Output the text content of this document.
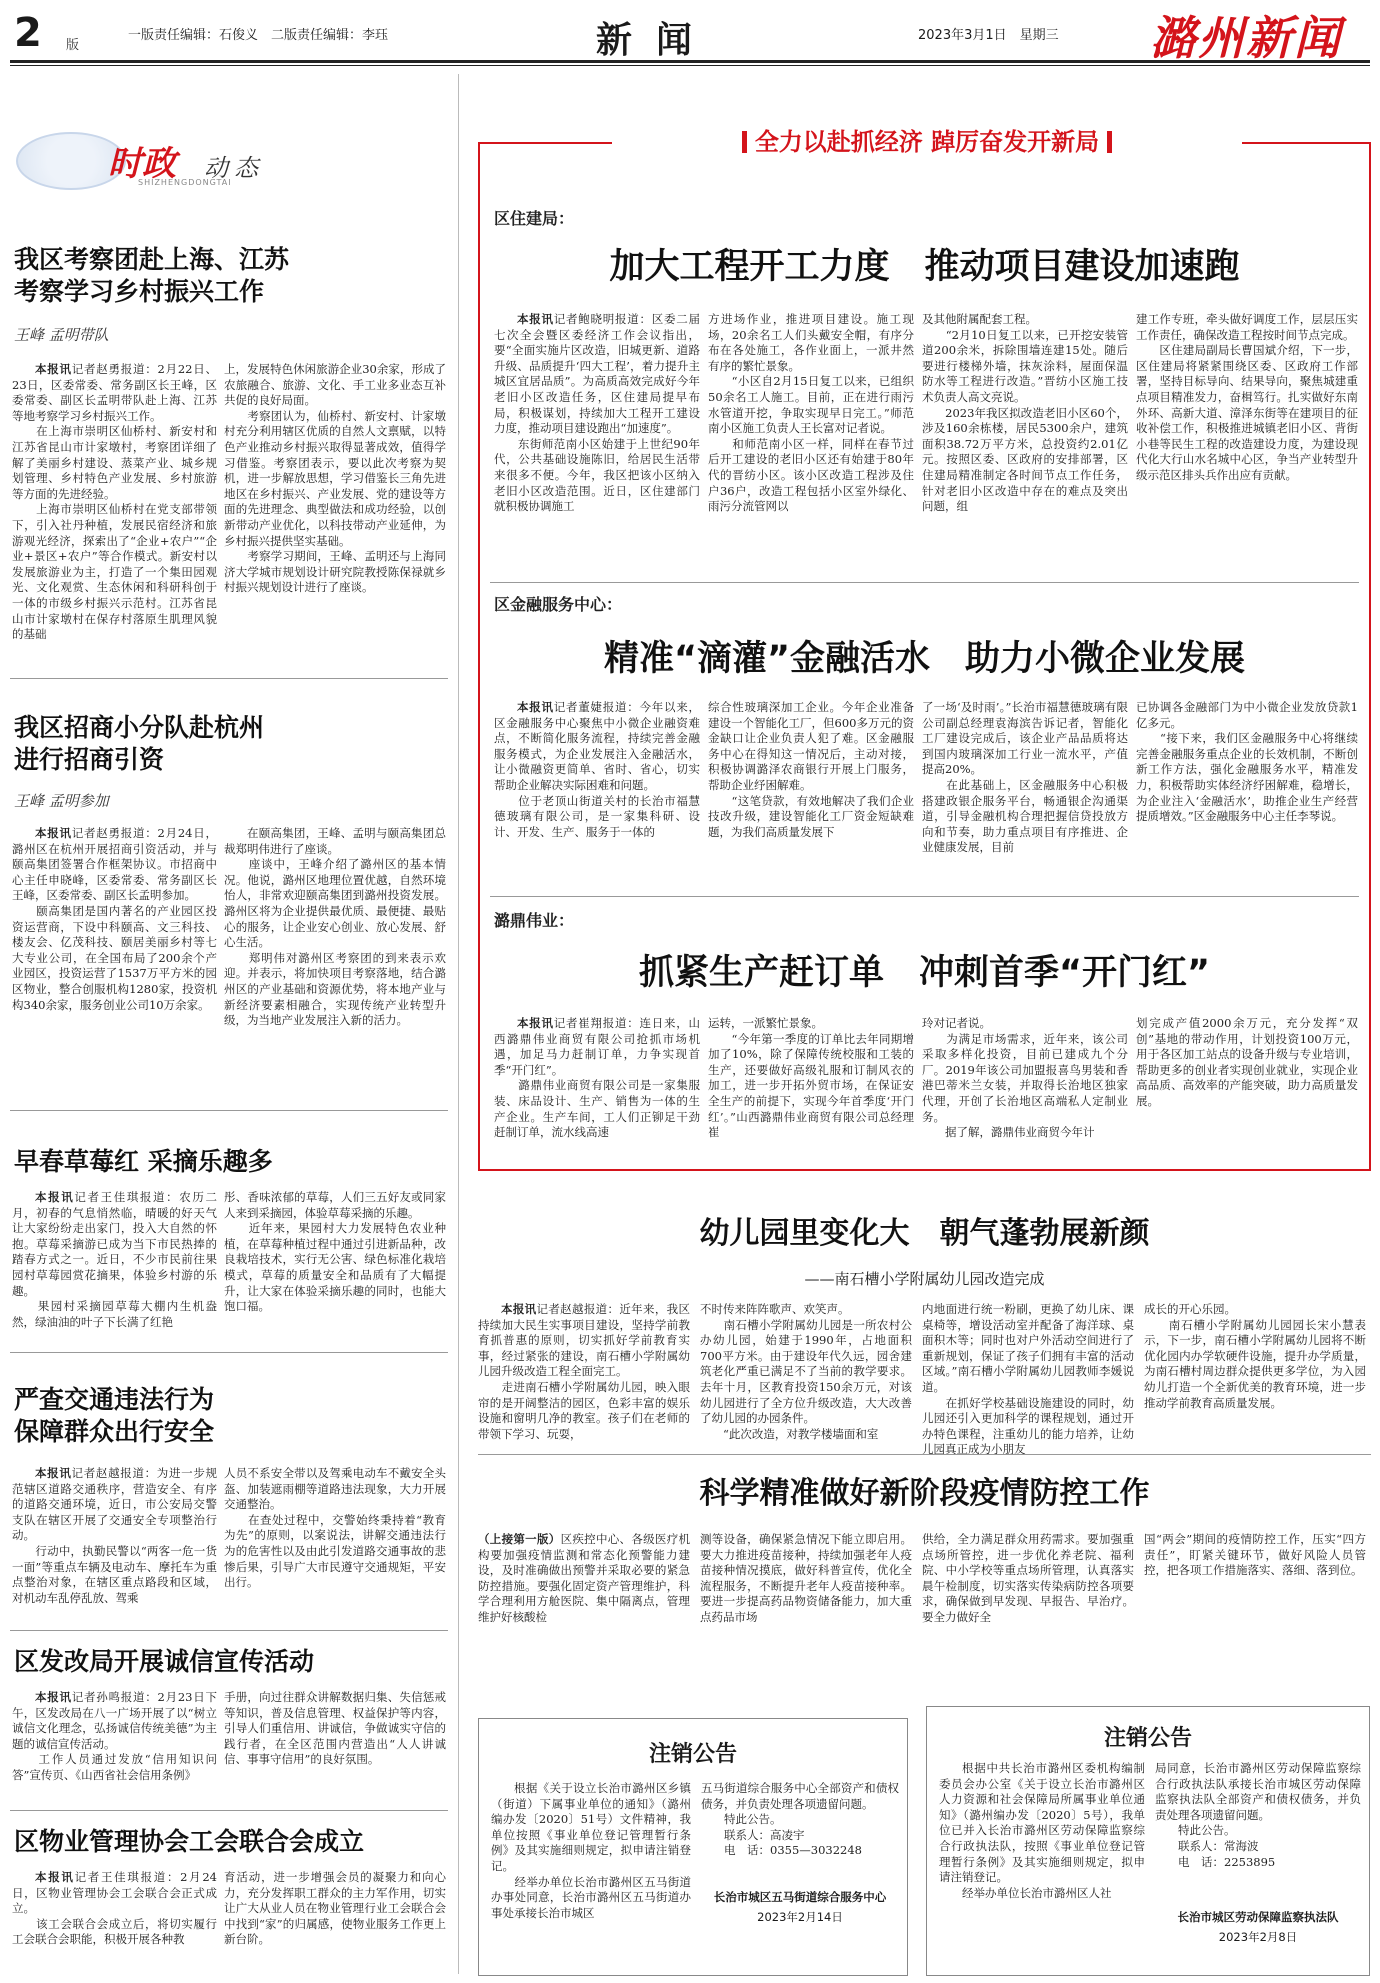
2 版
一版责任编辑：石俊义　二版责任编辑：李珏	新闻	2023年3月1日　星期三 潞州新闻
时政 动态
SHIZHENGDONGTAI
我区考察团赴上海、江苏
考察学习乡村振兴工作
王峰 孟明带队
本报讯记者赵勇报道：2月22日、23日，区委常委、常务副区长王峰，区委常委、副区长孟明带队赴上海、江苏等地考察学习乡村振兴工作。
　　在上海市崇明区仙桥村、新安村和江苏省昆山市计家墩村，考察团详细了解了美丽乡村建设、蒸菜产业、城乡规划管理、乡村特色产业发展、乡村旅游等方面的先进经验。
　　上海市崇明区仙桥村在党支部带领下，引入社丹种植，发展民宿经济和旅游观光经济，探索出了“企业+农户”“企业+景区+农户”等合作模式。新安村以发展旅游业为主，打造了一个集田园观光、文化观赏、生态休闲和科研科创于一体的市级乡村振兴示范村。江苏省昆山市计家墩村在保存村落原生肌理风貌的基础
上，发展特色休闲旅游企业30余家，形成了农旅融合、旅游、文化、手工业多业态互补共促的良好局面。
　　考察团认为，仙桥村、新安村、计家墩村充分利用辖区优质的自然人文禀赋，以特色产业推动乡村振兴取得显著成效，值得学习借鉴。考察团表示，要以此次考察为契机，进一步解放思想，学习借鉴长三角先进地区在乡村振兴、产业发展、党的建设等方面的先进理念、典型做法和成功经验，以创新带动产业优化，以科技带动产业延伸，为乡村振兴提供坚实基础。
　　考察学习期间，王峰、孟明还与上海同济大学城市规划设计研究院教授陈保禄就乡村振兴规划设计进行了座谈。
我区招商小分队赴杭州
进行招商引资
王峰 孟明参加
本报讯记者赵勇报道：2月24日，潞州区在杭州开展招商引资活动，并与颐高集团签署合作框架协议。市招商中心主任申晓峰，区委常委、常务副区长王峰，区委常委、副区长孟明参加。
　　颐高集团是国内著名的产业园区投资运营商，下设中科颐高、文三科技、楼友会、亿茂科技、颐居美丽乡村等七大专业公司，在全国布局了200余个产业园区，投资运营了1537万平方米的园区物业，整合创服机构1280家，投资机构340余家，服务创业公司10万余家。
在颐高集团，王峰、孟明与颐高集团总裁郑明伟进行了座谈。
　　座谈中，王峰介绍了潞州区的基本情况。他说，潞州区地理位置优越，自然环境怡人，非常欢迎颐高集团到潞州投资发展。潞州区将为企业提供最优质、最便捷、最贴心的服务，让企业安心创业、放心发展、舒心生活。
　　郑明伟对潞州区考察团的到来表示欢迎。并表示，将加快项目考察落地，结合潞州区的产业基础和资源优势，将本地产业与新经济要素相融合，实现传统产业转型升级，为当地产业发展注入新的活力。
早春草莓红 采摘乐趣多
本报讯记者王佳琪报道：农历二月，初春的气息悄然临，晴暖的好天气让大家纷纷走出家门，投入大自然的怀抱。草莓采摘游已成为当下市民热捧的踏春方式之一。近日，不少市民前往果园村草莓园赏花摘果，体验乡村游的乐趣。
　　果园村采摘园草莓大棚内生机盎然，绿油油的叶子下长满了红艳
彤、香味浓郁的草莓，人们三五好友或同家人来到采摘园，体验草莓采摘的乐趣。
　　近年来，果园村大力发展特色农业种植，在草莓种植过程中通过引进新品种，改良栽培技术，实行无公害、绿色标准化栽培模式，草莓的质量安全和品质有了大幅提升，让大家在体验采摘乐趣的同时，也能大饱口福。
严查交通违法行为
保障群众出行安全
本报讯记者赵越报道：为进一步规范辖区道路交通秩序，营造安全、有序的道路交通环境，近日，市公安局交警支队在辖区开展了交通安全专项整治行动。
　　行动中，执勤民警以“两客一危一货一面”等重点车辆及电动车、摩托车为重点整治对象，在辖区重点路段和区域，对机动车乱停乱放、驾乘
人员不系安全带以及驾乘电动车不戴安全头盔、加装遮雨棚等道路违法现象，大力开展交通整治。
　　在查处过程中，交警始终秉持着“教育为先”的原则，以案说法，讲解交通违法行为的危害性以及由此引发道路交通事故的悲惨后果，引导广大市民遵守交通规矩，平安出行。
区发改局开展诚信宣传活动
本报讯记者孙鸣报道：2月23日下午，区发改局在八一广场开展了以“树立诚信文化理念，弘扬诚信传统美德”为主题的诚信宣传活动。
　　工作人员通过发放“信用知识问答”宣传页、《山西省社会信用条例》
手册，向过往群众讲解数据归集、失信惩戒等知识，普及信息管理、权益保护等内容，引导人们重信用、讲诚信，争做诚实守信的践行者，在全区范围内营造出“人人讲诚信、事事守信用”的良好氛围。
区物业管理协会工会联合会成立
本报讯记者王佳琪报道：2月24日，区物业管理协会工会联合会正式成立。
　　该工会联合会成立后，将切实履行工会联合会职能，积极开展各种教
育活动，进一步增强会员的凝聚力和向心力，充分发挥职工群众的主力军作用，切实让广大从业人员在物业管理行业工会联合会中找到“家”的归属感，使物业服务工作更上新台阶。
全力以赴抓经济 踔厉奋发开新局
区住建局：
加大工程开工力度　推动项目建设加速跑
本报讯记者鲍晓明报道：区委二届七次全会暨区委经济工作会议指出，要“全面实施片区改造，旧城更新、道路升级、品质提升‘四大工程’，着力提升主城区宜居品质”。为高质高效完成好今年老旧小区改造任务，区住建局提早布局，积极谋划，持续加大工程开工建设力度，推动项目建设跑出“加速度”。
　　东街师范南小区始建于上世纪90年代，公共基础设施陈旧，给居民生活带来很多不便。今年，我区把该小区纳入老旧小区改造范围。近日，区住建部门就积极协调施工
方进场作业，推进项目建设。施工现场，20余名工人们头戴安全帽，有序分布在各处施工，各作业面上，一派井然有序的繁忙景象。
　　“小区自2月15日复工以来，已组织50余名工人施工。目前，正在进行雨污水管道开挖，争取实现早日完工。”师范南小区施工负责人王长富对记者说。
　　和师范南小区一样，同样在春节过后开工建设的老旧小区还有始建于80年代的晋纺小区。该小区改造工程涉及住户36户，改造工程包括小区室外绿化、雨污分流管网以
及其他附属配套工程。
　　“2月10日复工以来，已开挖安装管道200余米，拆除围墙连建15处。随后要进行楼梯外墙，抹灰涂料，屋面保温防水等工程进行改造。”晋纺小区施工技术负责人高文亮说。
　　2023年我区拟改造老旧小区60个，涉及160余栋楼，居民5300余户，建筑面积38.72万平方米，总投资约2.01亿元。按照区委、区政府的安排部署，区住建局精准制定各时间节点工作任务，针对老旧小区改造中存在的难点及突出问题，组
建工作专班，牵头做好调度工作，层层压实工作责任，确保改造工程按时间节点完成。
　　区住建局副局长曹国斌介绍，下一步，区住建局将紧紧围绕区委、区政府工作部署，坚持目标导向、结果导向，聚焦城建重点项目精准发力，奋楫笃行。扎实做好东南外环、高新大道、漳泽东街等在建项目的征收补偿工作，积极推进城镇老旧小区、背街小巷等民生工程的改造建设力度，为建设现代化大行山水名城中心区，争当产业转型升级示范区排头兵作出应有贡献。
区金融服务中心：
精准“滴灌”金融活水　助力小微企业发展
本报讯记者董婕报道：今年以来，区金融服务中心聚焦中小微企业融资难点，不断简化服务流程，持续完善金融服务模式，为企业发展注入金融活水，让小微融资更简单、省时、省心，切实帮助企业解决实际困难和问题。
　　位于老顶山街道关村的长治市福慧德玻璃有限公司，是一家集科研、设计、开发、生产、服务于一体的
综合性玻璃深加工企业。今年企业准备建设一个智能化工厂，但600多万元的资金缺口让企业负责人犯了难。区金融服务中心在得知这一情况后，主动对接，积极协调潞泽农商银行开展上门服务，帮助企业纾困解难。
　　“这笔贷款，有效地解决了我们企业技改升级，建设智能化工厂资金短缺难题，为我们高质量发展下
了一场‘及时雨’。”长治市福慧德玻璃有限公司副总经理袁海滨告诉记者，智能化工厂建设完成后，该企业产品品质将达到国内玻璃深加工行业一流水平，产值提高20%。
　　在此基础上，区金融服务中心积极搭建政银企服务平台，畅通银企沟通渠道，引导金融机构合理把握信贷投放方向和节奏，助力重点项目有序推进、企业健康发展，目前
已协调各金融部门为中小微企业发放贷款1亿多元。
　　“接下来，我们区金融服务中心将继续完善金融服务重点企业的长效机制，不断创新工作方法，强化金融服务水平，精准发力，积极帮助实体经济纾困解难，稳增长，为企业注入‘金融活水’，助推企业生产经营提质增效。”区金融服务中心主任李琴说。
潞鼎伟业：
抓紧生产赶订单　冲刺首季“开门红”
本报讯记者崔翔报道：连日来，山西潞鼎伟业商贸有限公司抢抓市场机遇，加足马力赶制订单，力争实现首季“开门红”。
　　潞鼎伟业商贸有限公司是一家集服装、床品设计、生产、销售为一体的生产企业。生产车间，工人们正铆足干劲赶制订单，流水线高速
运转，一派繁忙景象。
　　“今年第一季度的订单比去年同期增加了10%，除了保障传统校服和工装的生产，还要做好高级礼服和订制风衣的加工，进一步开拓外贸市场，在保证安全生产的前提下，实现今年首季度‘开门红’。”山西潞鼎伟业商贸有限公司总经理崔
玲对记者说。
　　为满足市场需求，近年来，该公司采取多样化投资，目前已建成九个分厂。2019年该公司加盟报喜鸟男装和香港巴蒂米兰女装，并取得长治地区独家代理，开创了长治地区高端私人定制业务。
　　据了解，潞鼎伟业商贸今年计
划完成产值2000余万元，充分发挥“双创”基地的带动作用，计划投资100万元，用于各区加工站点的设备升级与专业培训，帮助更多的创业者实现创业就业，实现企业高品质、高效率的产能突破，助力高质量发展。
幼儿园里变化大　朝气蓬勃展新颜
——南石槽小学附属幼儿园改造完成
本报讯记者赵越报道：近年来，我区持续加大民生实事项目建设，坚持学前教育抓普惠的原则，切实抓好学前教育实事，经过紧张的建设，南石槽小学附属幼儿园升级改造工程全面完工。
　　走进南石槽小学附属幼儿园，映入眼帘的是开阔整洁的园区，色彩丰富的娱乐设施和窗明几净的教室。孩子们在老师的带领下学习、玩耍，
不时传来阵阵歌声、欢笑声。
　　南石槽小学附属幼儿园是一所农村公办幼儿园，始建于1990年，占地面积700平方米。由于建设年代久远，园舍建筑老化严重已满足不了当前的教学要求。去年十月，区教育投资150余万元，对该幼儿园进行了全方位升级改造，大大改善了幼儿园的办园条件。
　　“此次改造，对教学楼墙面和室
内地面进行统一粉刷，更换了幼儿床、课桌椅等，增设活动室并配备了海洋球、桌面积木等；同时也对户外活动空间进行了重新规划，保证了孩子们拥有丰富的活动区域。”南石槽小学附属幼儿园教师李媛说道。
　　在抓好学校基础设施建设的同时，幼儿园还引入更加科学的课程规划，通过开办特色课程，注重幼儿的能力培养，让幼儿园真正成为小朋友
成长的开心乐园。
　　南石槽小学附属幼儿园园长宋小慧表示，下一步，南石槽小学附属幼儿园将不断优化园内办学软硬件设施，提升办学质量，为南石槽村周边群众提供更多学位，为入园幼儿打造一个全新优美的教育环境，进一步推动学前教育高质量发展。
科学精准做好新阶段疫情防控工作
（上接第一版）区疾控中心、各级医疗机构要加强疫情监测和常态化预警能力建设，及时准确做出预警并采取必要的紧急防控措施。要强化固定资产管理维护，科学合理利用方舱医院、集中隔离点，管理维护好核酸检
测等设备，确保紧急情况下能立即启用。要大力推进疫苗接种，持续加强老年人疫苗接种情况摸底，做好科普宣传，优化全流程服务，不断提升老年人疫苗接种率。要进一步提高药品物资储备能力，加大重点药品市场
供给，全力满足群众用药需求。要加强重点场所管控，进一步优化养老院、福利院、中小学校等重点场所管理，认真落实晨午检制度，切实落实传染病防控各项要求，确保做到早发现、早报告、早治疗。要全力做好全
国“两会”期间的疫情防控工作，压实“四方责任”，盯紧关键环节，做好风险人员管控，把各项工作措施落实、落细、落到位。
注销公告
根据《关于设立长治市潞州区乡镇（街道）下属事业单位的通知》（潞州编办发〔2020〕51号）文件精神，我单位按照《事业单位登记管理暂行条例》及其实施细则规定，拟申请注销登记。
　　经举办单位长治市潞州区五马街道办事处同意，长治市潞州区五马街道办事处承接长治市城区
五马街道综合服务中心全部资产和债权债务，并负责处理各项遗留问题。
　　特此公告。
　　联系人：高凌宇
　　电　话：0355—3032248
长治市城区五马街道综合服务中心
2023年2月14日
注销公告
根据中共长治市潞州区委机构编制委员会办公室《关于设立长治市潞州区人力资源和社会保障局所属事业单位通知》（潞州编办发〔2020〕5号），我单位已并入长治市潞州区劳动保障监察综合行政执法队，按照《事业单位登记管理暂行条例》及其实施细则规定，拟申请注销登记。
　　经举办单位长治市潞州区人社
局同意，长治市潞州区劳动保障监察综合行政执法队承接长治市城区劳动保障监察执法队全部资产和债权债务，并负责处理各项遗留问题。
　　特此公告。
　　联系人：常海波
　　电　话：2253895
长治市城区劳动保障监察执法队
2023年2月8日
